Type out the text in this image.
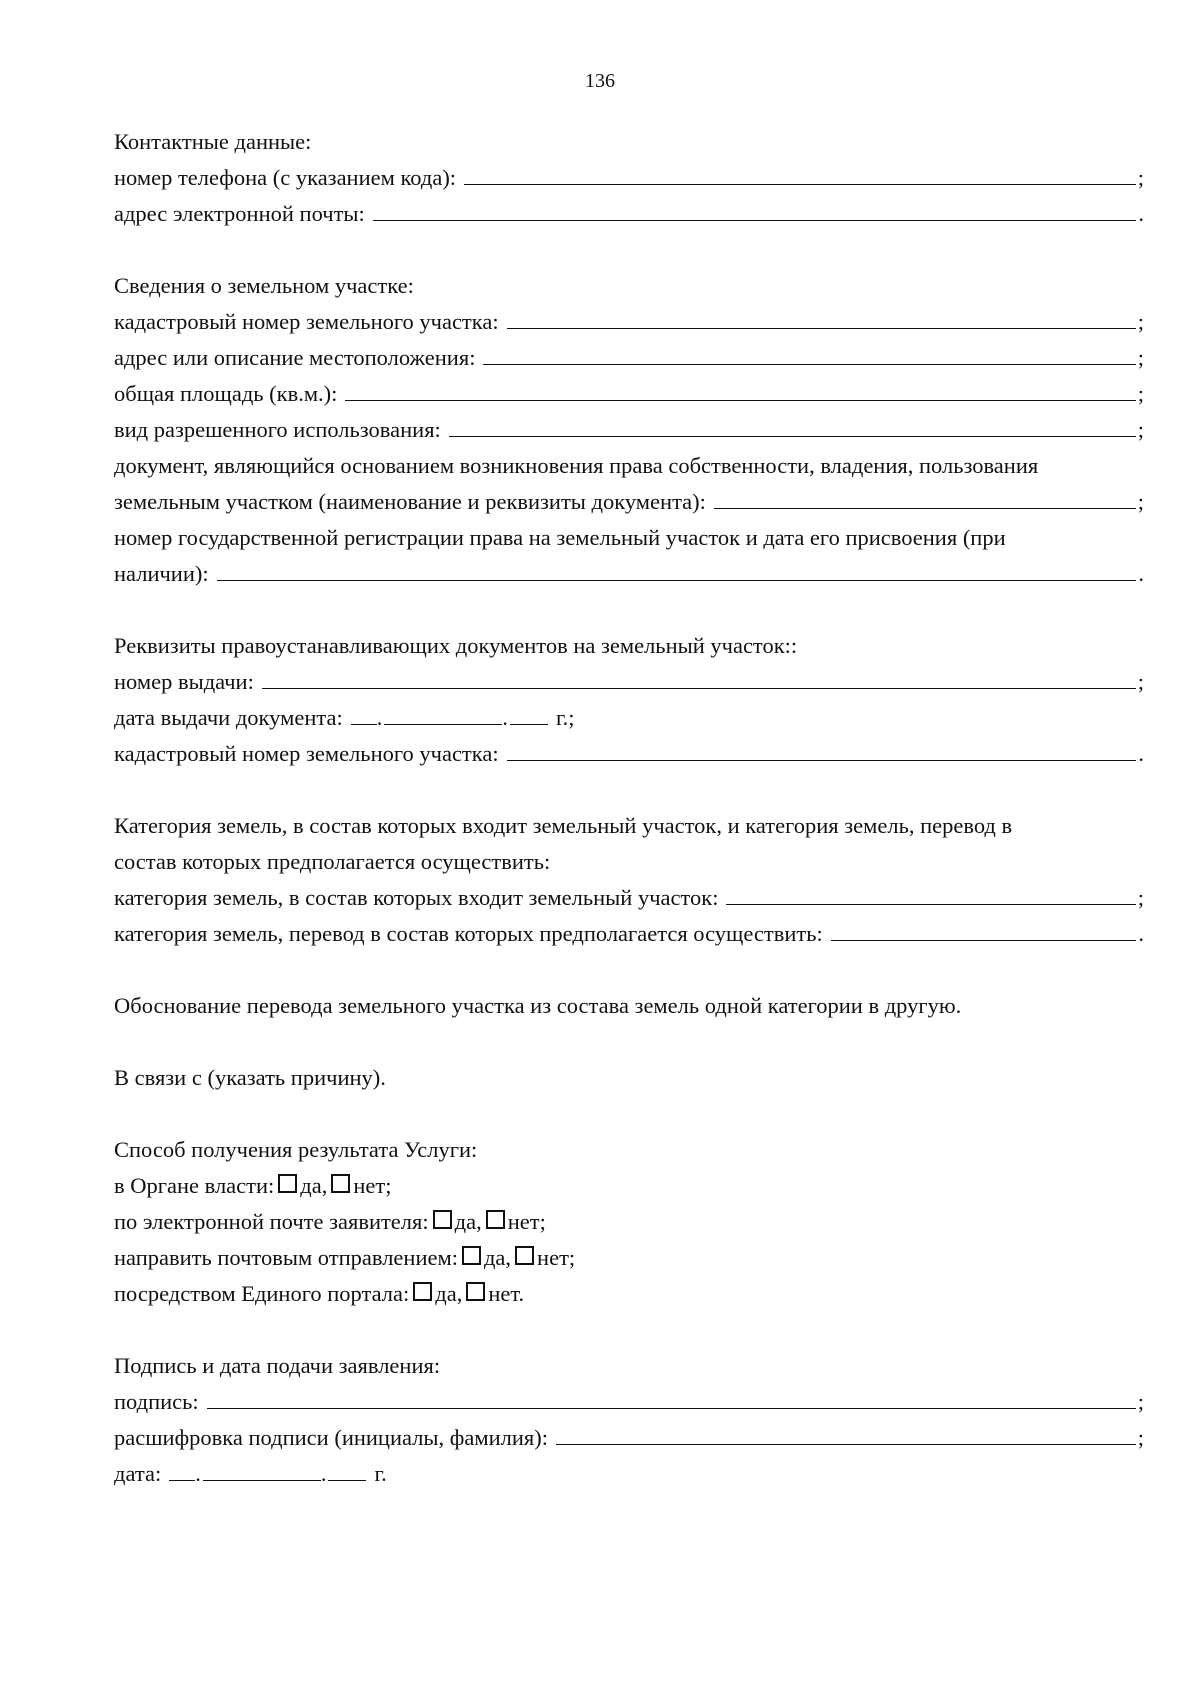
136
Контактные данные:
номер телефона (с указанием кода):	;
адрес электронной почты:	.
Сведения о земельном участке:
кадастровый номер земельного участка:	;
адрес или описание местоположения:	;
общая площадь (кв.м.):	;
вид разрешенного использования:	;
документ, являющийся основанием возникновения права собственности, владения, пользования
земельным участком (наименование и реквизиты документа):	;
номер государственной регистрации права на земельный участок и дата его присвоения (при
наличии):	.
Реквизиты правоустанавливающих документов на земельный участок::
номер выдачи:	;
дата выдачи документа: .	. г.;
кадастровый номер земельного участка:	.
Категория земель, в состав которых входит земельный участок, и категория земель, перевод в
состав которых предполагается осуществить:
категория земель, в состав которых входит земельный участок:	;
категория земель, перевод в состав которых предполагается осуществить:	.
Обоснование перевода земельного участка из состава земель одной категории в другую.
В связи с (указать причину).
Способ получения результата Услуги:
в Органе власти: да, нет;
по электронной почте заявителя: да, нет;
направить почтовым отправлением: да, нет;
посредством Единого портала: да, нет.
Подпись и дата подачи заявления:
подпись:	;
расшифровка подписи (инициалы, фамилия):	;
дата: .	. г.
